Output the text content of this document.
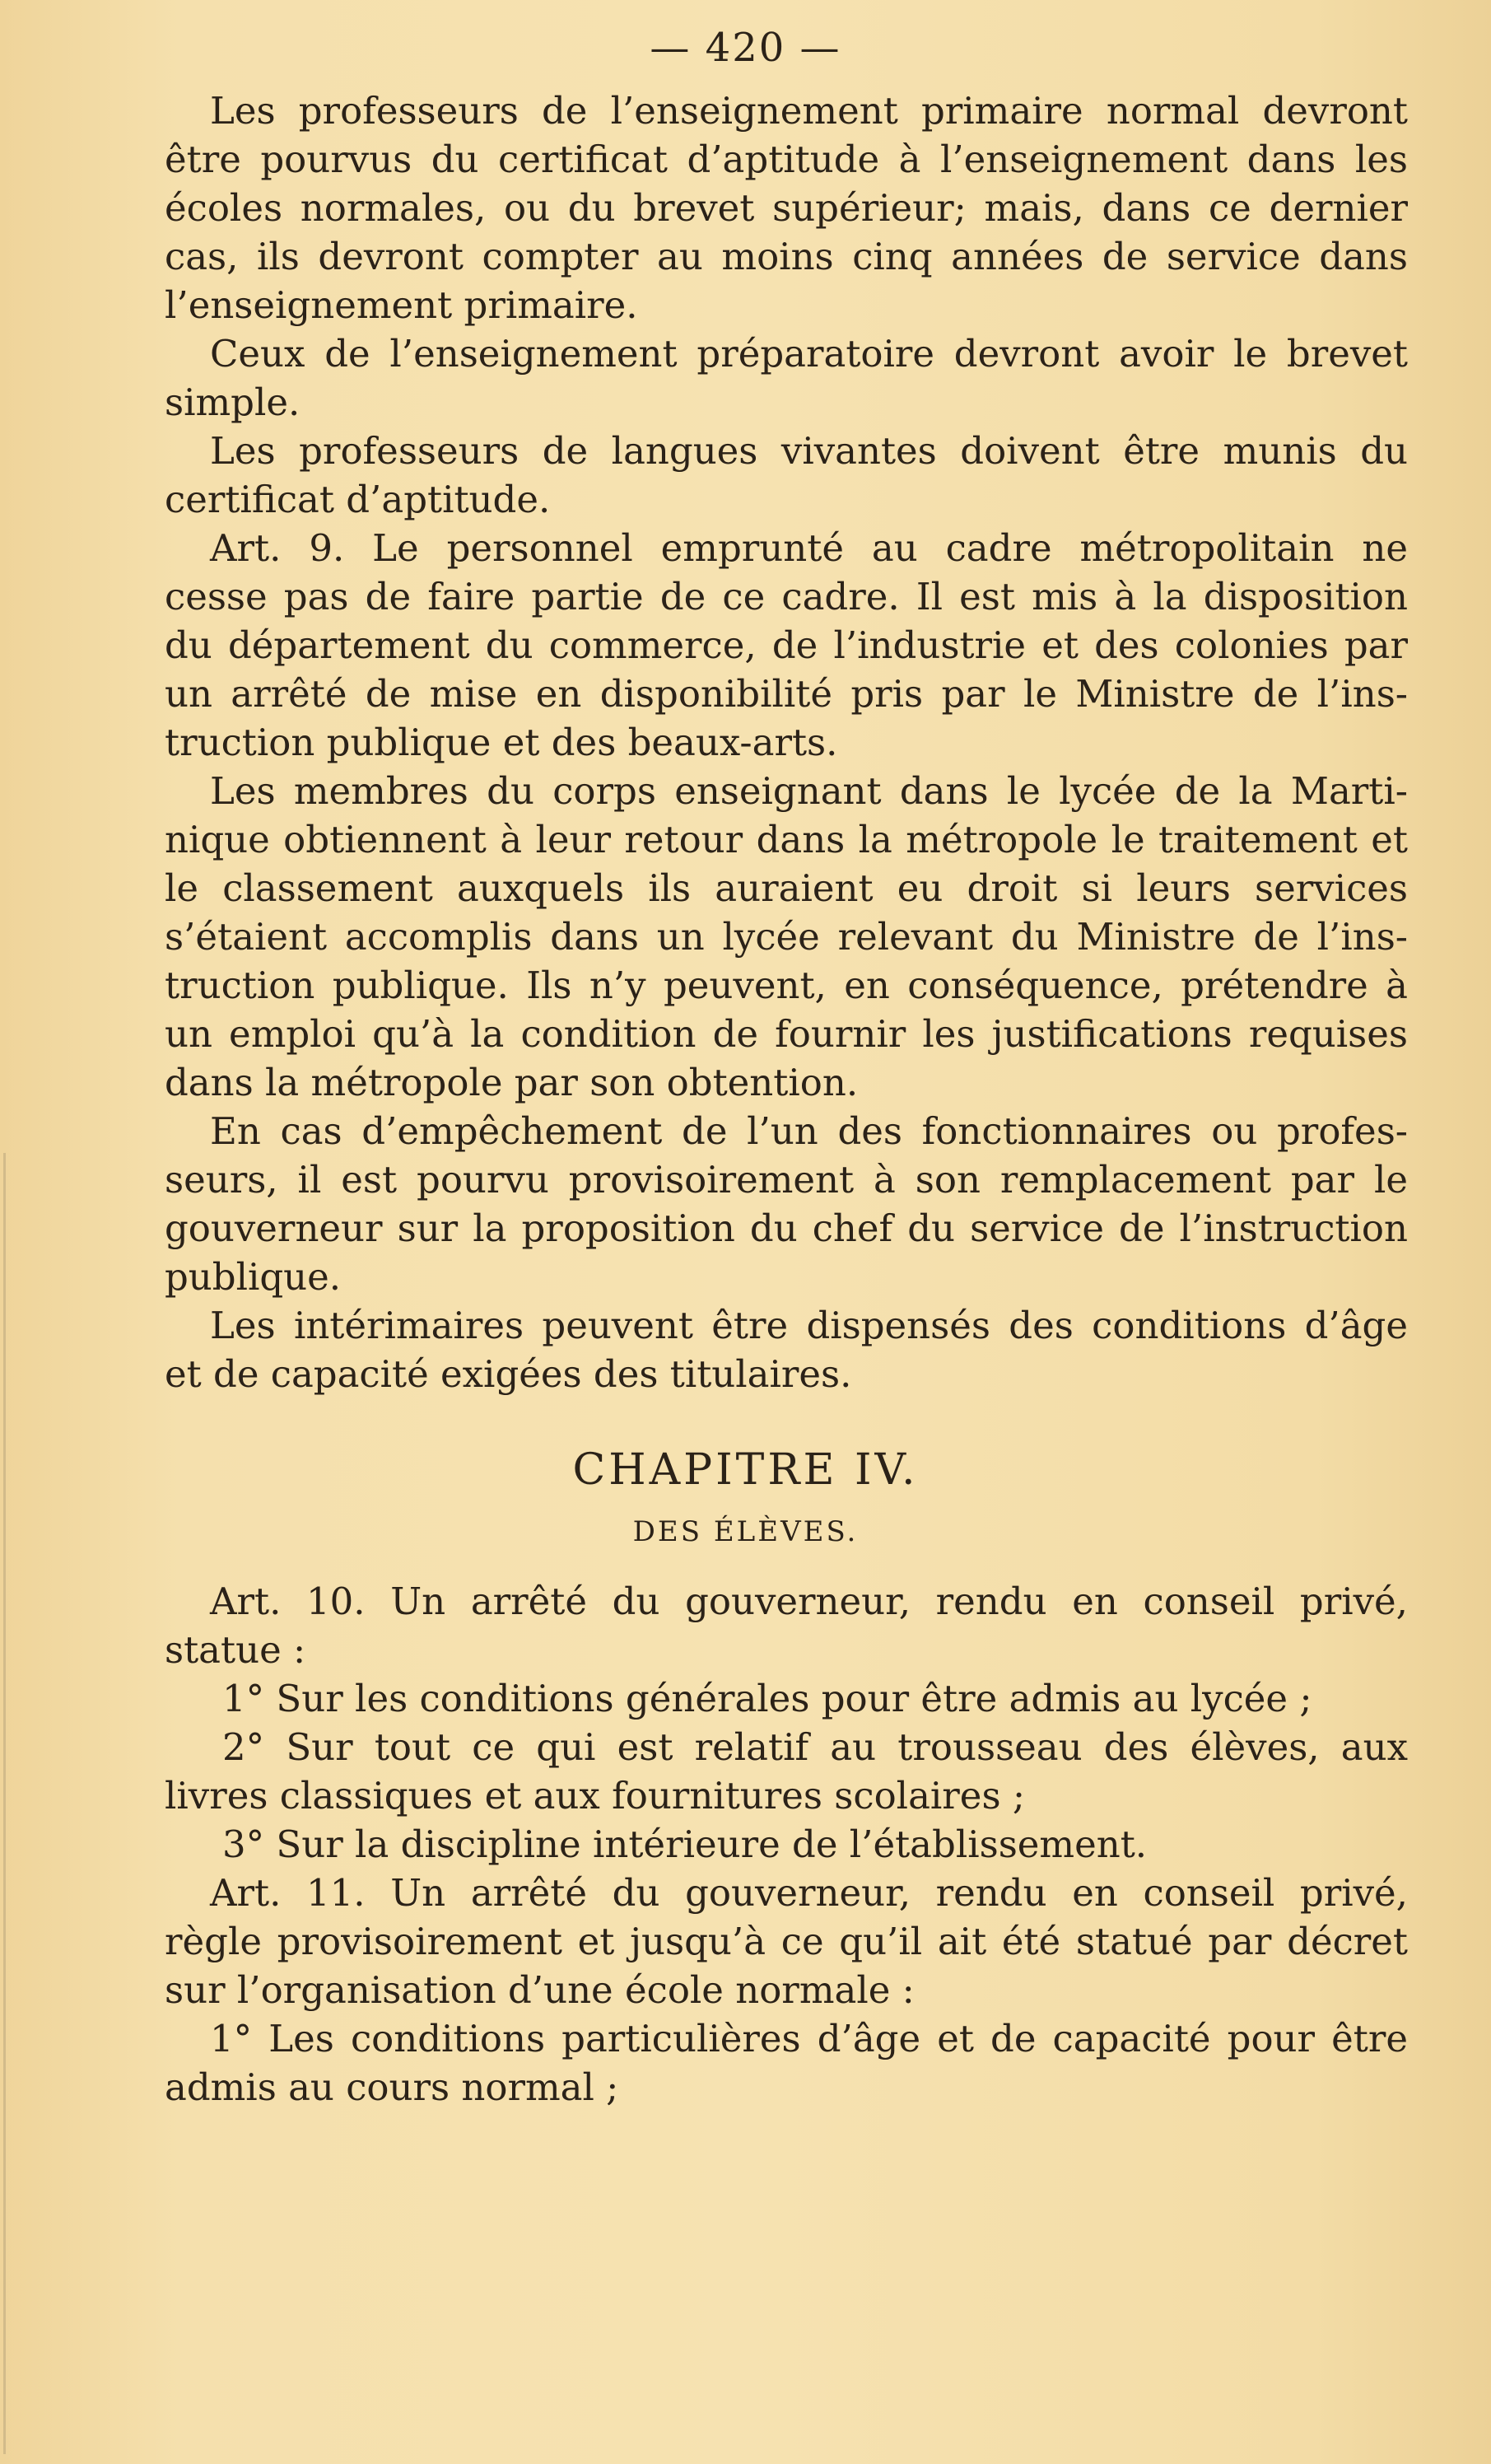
— 420 —
Les professeurs de l’enseignement primaire normal devront
être pourvus du certificat d’aptitude à l’enseignement dans les
écoles normales, ou du brevet supérieur; mais, dans ce dernier
cas, ils devront compter au moins cinq années de service dans
l’enseignement primaire.
Ceux de l’enseignement préparatoire devront avoir le brevet
simple.
Les professeurs de langues vivantes doivent être munis du
certificat d’aptitude.
Art. 9. Le personnel emprunté au cadre métropolitain ne
cesse pas de faire partie de ce cadre. Il est mis à la disposition
du département du commerce, de l’industrie et des colonies par
un arrêté de mise en disponibilité pris par le Ministre de l’ins-
truction publique et des beaux-arts.
Les membres du corps enseignant dans le lycée de la Marti-
nique obtiennent à leur retour dans la métropole le traitement et
le classement auxquels ils auraient eu droit si leurs services
s’étaient accomplis dans un lycée relevant du Ministre de l’ins-
truction publique. Ils n’y peuvent, en conséquence, prétendre à
un emploi qu’à la condition de fournir les justifications requises
dans la métropole par son obtention.
En cas d’empêchement de l’un des fonctionnaires ou profes-
seurs, il est pourvu provisoirement à son remplacement par le
gouverneur sur la proposition du chef du service de l’instruction
publique.
Les intérimaires peuvent être dispensés des conditions d’âge
et de capacité exigées des titulaires.
CHAPITRE IV.
DES ÉLÈVES.
Art. 10. Un arrêté du gouverneur, rendu en conseil privé,
statue :
1° Sur les conditions générales pour être admis au lycée ;
2° Sur tout ce qui est relatif au trousseau des élèves, aux
livres classiques et aux fournitures scolaires ;
3° Sur la discipline intérieure de l’établissement.
Art. 11. Un arrêté du gouverneur, rendu en conseil privé,
règle provisoirement et jusqu’à ce qu’il ait été statué par décret
sur l’organisation d’une école normale :
1° Les conditions particulières d’âge et de capacité pour être
admis au cours normal ;
